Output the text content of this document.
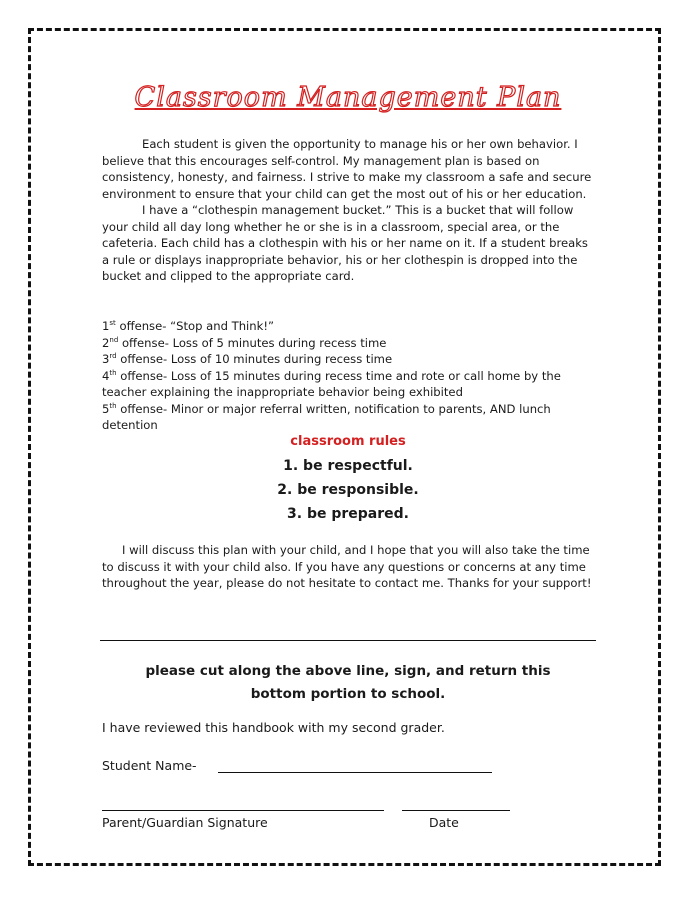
Classroom Management Plan

Each student is given the opportunity to manage his or her own behavior. I believe that this encourages self-control. My management plan is based on consistency, honesty, and fairness. I strive to make my classroom a safe and secure environment to ensure that your child can get the most out of his or her education.

I have a “clothespin management bucket.” This is a bucket that will follow your child all day long whether he or she is in a classroom, special area, or the cafeteria. Each child has a clothespin with his or her name on it. If a student breaks a rule or displays inappropriate behavior, his or her clothespin is dropped into the bucket and clipped to the appropriate card.

1st offense- “Stop and Think!”

2nd offense- Loss of 5 minutes during recess time

3rd offense- Loss of 10 minutes during recess time

4th offense- Loss of 15 minutes during recess time and rote or call home by the teacher explaining the inappropriate behavior being exhibited

5th offense- Minor or major referral written, notification to parents, AND lunch detention

classroom rules
1. be respectful.
2. be responsible.
3. be prepared.

I will discuss this plan with your child, and I hope that you will also take the time to discuss it with your child also. If you have any questions or concerns at any time throughout the year, please do not hesitate to contact me. Thanks for your support!

please cut along the above line, sign, and return this bottom portion to school.
I have reviewed this handbook with my second grader.
Student Name-
Parent/Guardian Signature	Date
